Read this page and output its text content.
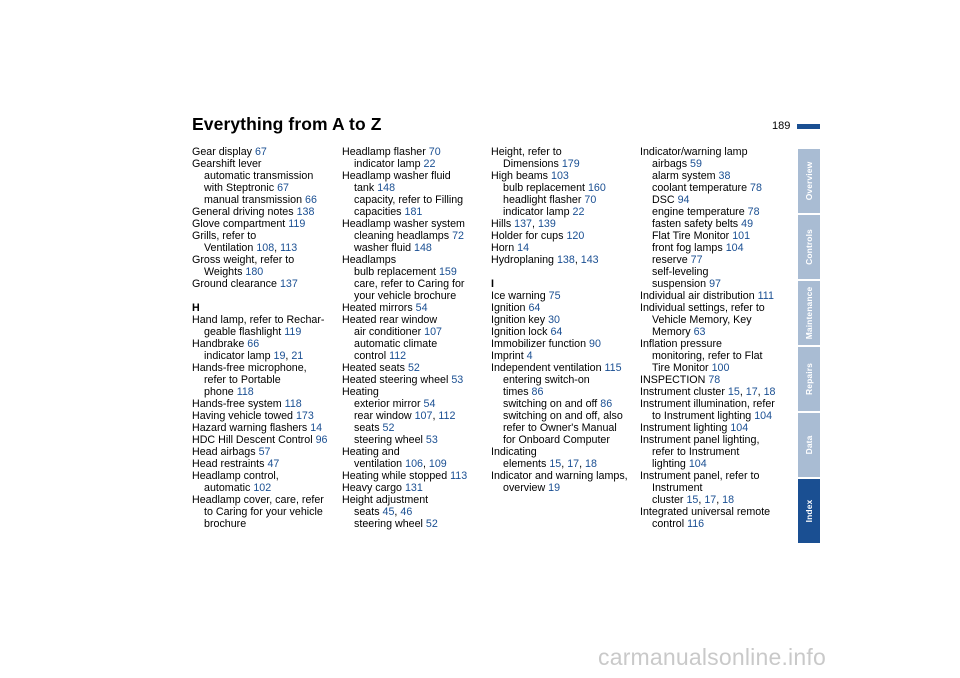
Everything from A to Z	189
Overview
Controls
Maintenance
Repairs
Data
Index
Gear display 67
Gearshift lever
automatic transmission
with Steptronic 67
manual transmission 66
General driving notes 138
Glove compartment 119
Grills, refer to
Ventilation 108, 113
Gross weight, refer to
Weights 180
Ground clearance 137
H
Hand lamp, refer to Rechar-
geable flashlight 119
Handbrake 66
indicator lamp 19, 21
Hands-free microphone,
refer to Portable
phone 118
Hands-free system 118
Having vehicle towed 173
Hazard warning flashers 14
HDC Hill Descent Control 96
Head airbags 57
Head restraints 47
Headlamp control,
automatic 102
Headlamp cover, care, refer
to Caring for your vehicle
brochure
Headlamp flasher 70
indicator lamp 22
Headlamp washer fluid
tank 148
capacity, refer to Filling
capacities 181
Headlamp washer system
cleaning headlamps 72
washer fluid 148
Headlamps
bulb replacement 159
care, refer to Caring for
your vehicle brochure
Heated mirrors 54
Heated rear window
air conditioner 107
automatic climate
control 112
Heated seats 52
Heated steering wheel 53
Heating
exterior mirror 54
rear window 107, 112
seats 52
steering wheel 53
Heating and
ventilation 106, 109
Heating while stopped 113
Heavy cargo 131
Height adjustment
seats 45, 46
steering wheel 52
Height, refer to
Dimensions 179
High beams 103
bulb replacement 160
headlight flasher 70
indicator lamp 22
Hills 137, 139
Holder for cups 120
Horn 14
Hydroplaning 138, 143
I
Ice warning 75
Ignition 64
Ignition key 30
Ignition lock 64
Immobilizer function 90
Imprint 4
Independent ventilation 115
entering switch-on
times 86
switching on and off 86
switching on and off, also
refer to Owner's Manual
for Onboard Computer
Indicating
elements 15, 17, 18
Indicator and warning lamps,
overview 19
Indicator/warning lamp
airbags 59
alarm system 38
coolant temperature 78
DSC 94
engine temperature 78
fasten safety belts 49
Flat Tire Monitor 101
front fog lamps 104
reserve 77
self-leveling
suspension 97
Individual air distribution 111
Individual settings, refer to
Vehicle Memory, Key
Memory 63
Inflation pressure
monitoring, refer to Flat
Tire Monitor 100
INSPECTION 78
Instrument cluster 15, 17, 18
Instrument illumination, refer
to Instrument lighting 104
Instrument lighting 104
Instrument panel lighting,
refer to Instrument
lighting 104
Instrument panel, refer to
Instrument
cluster 15, 17, 18
Integrated universal remote
control 116
carmanualsonline.info
